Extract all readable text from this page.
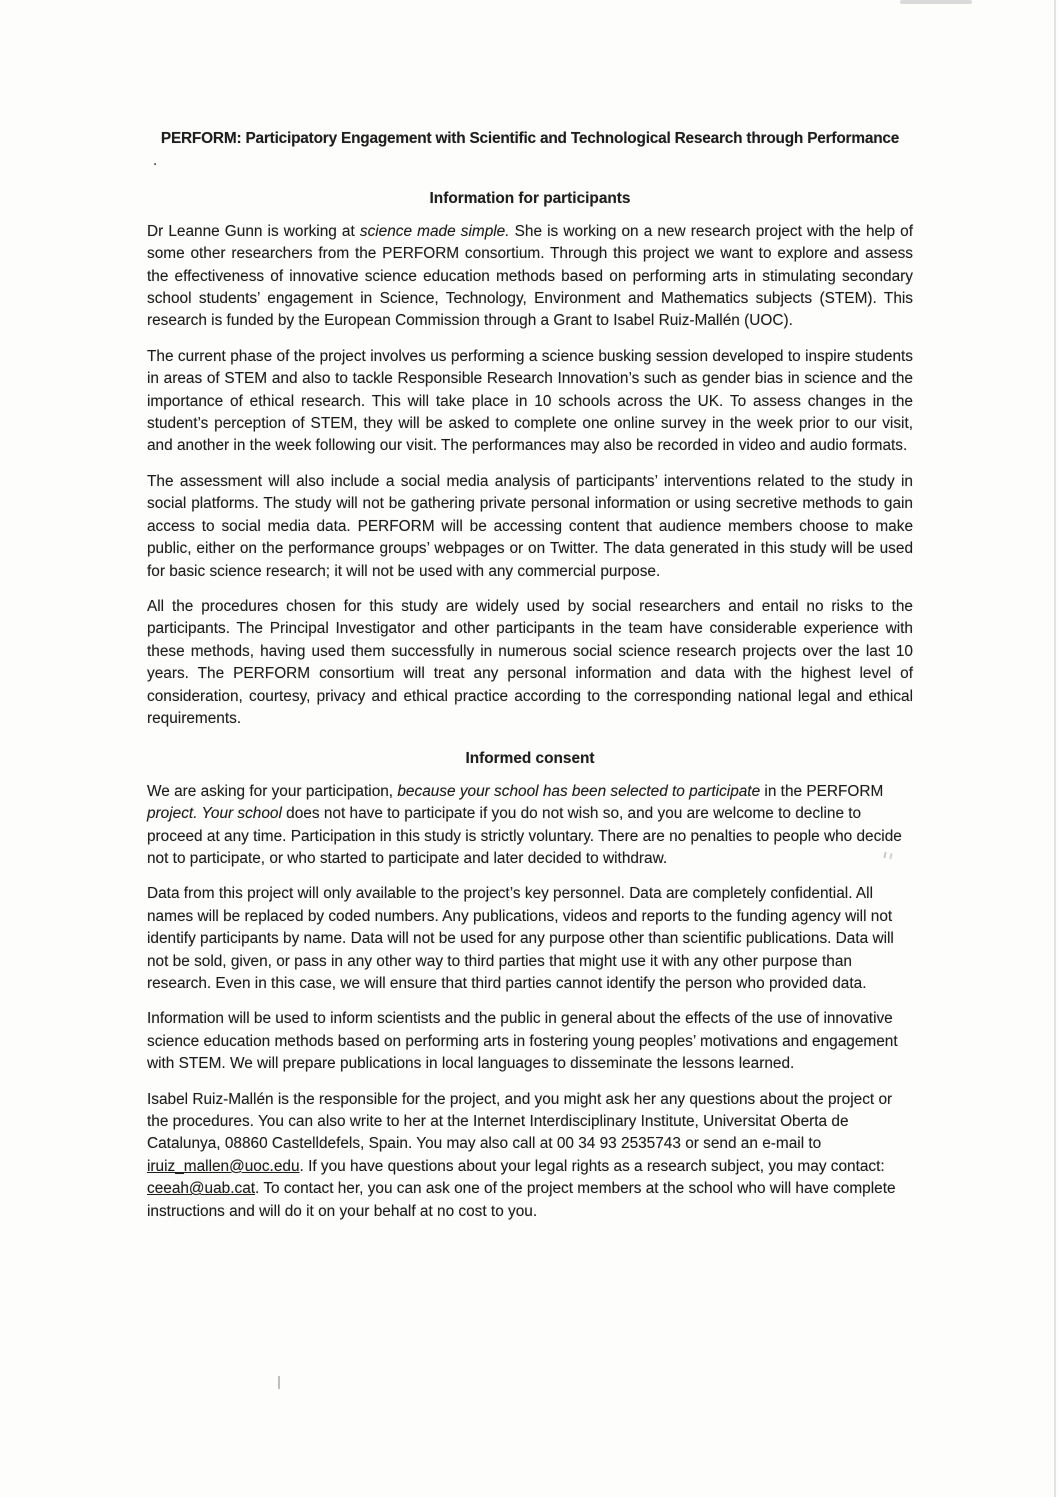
PERFORM: Participatory Engagement with Scientific and Technological Research through Performance
.
Information for participants

Dr Leanne Gunn is working at science made simple. She is working on a new research project with the help of some other researchers from the PERFORM consortium. Through this project we want to explore and assess the effectiveness of innovative science education methods based on performing arts in stimulating secondary school students’ engagement in Science, Technology, Environment and Mathematics subjects (STEM). This research is funded by the European Commission through a Grant to Isabel Ruiz-Mallén (UOC).

The current phase of the project involves us performing a science busking session developed to inspire students in areas of STEM and also to tackle Responsible Research Innovation’s such as gender bias in science and the importance of ethical research. This will take place in 10 schools across the UK. To assess changes in the student’s perception of STEM, they will be asked to complete one online survey in the week prior to our visit, and another in the week following our visit. The performances may also be recorded in video and audio formats.

The assessment will also include a social media analysis of participants’ interventions related to the study in social platforms. The study will not be gathering private personal information or using secretive methods to gain access to social media data. PERFORM will be accessing content that audience members choose to make public, either on the performance groups’ webpages or on Twitter. The data generated in this study will be used for basic science research; it will not be used with any commercial purpose.

All the procedures chosen for this study are widely used by social researchers and entail no risks to the participants. The Principal Investigator and other participants in the team have considerable experience with these methods, having used them successfully in numerous social science research projects over the last 10 years. The PERFORM consortium will treat any personal information and data with the highest level of consideration, courtesy, privacy and ethical practice according to the corresponding national legal and ethical requirements.

Informed consent

We are asking for your participation, because your school has been selected to participate in the PERFORM project. Your school does not have to participate if you do not wish so, and you are welcome to decline to proceed at any time. Participation in this study is strictly voluntary. There are no penalties to people who decide not to participate, or who started to participate and later decided to withdraw.

Data from this project will only available to the project’s key personnel. Data are completely confidential. All names will be replaced by coded numbers. Any publications, videos and reports to the funding agency will not identify participants by name. Data will not be used for any purpose other than scientific publications. Data will not be sold, given, or pass in any other way to third parties that might use it with any other purpose than research. Even in this case, we will ensure that third parties cannot identify the person who provided data.

Information will be used to inform scientists and the public in general about the effects of the use of innovative science education methods based on performing arts in fostering young peoples’ motivations and engagement with STEM. We will prepare publications in local languages to disseminate the lessons learned.

Isabel Ruiz-Mallén is the responsible for the project, and you might ask her any questions about the project or the procedures. You can also write to her at the Internet Interdisciplinary Institute, Universitat Oberta de Catalunya, 08860 Castelldefels, Spain. You may also call at 00 34 93 2535743 or send an e-mail to iruiz_mallen@uoc.edu. If you have questions about your legal rights as a research subject, you may contact: ceeah@uab.cat. To contact her, you can ask one of the project members at the school who will have complete instructions and will do it on your behalf at no cost to you.
